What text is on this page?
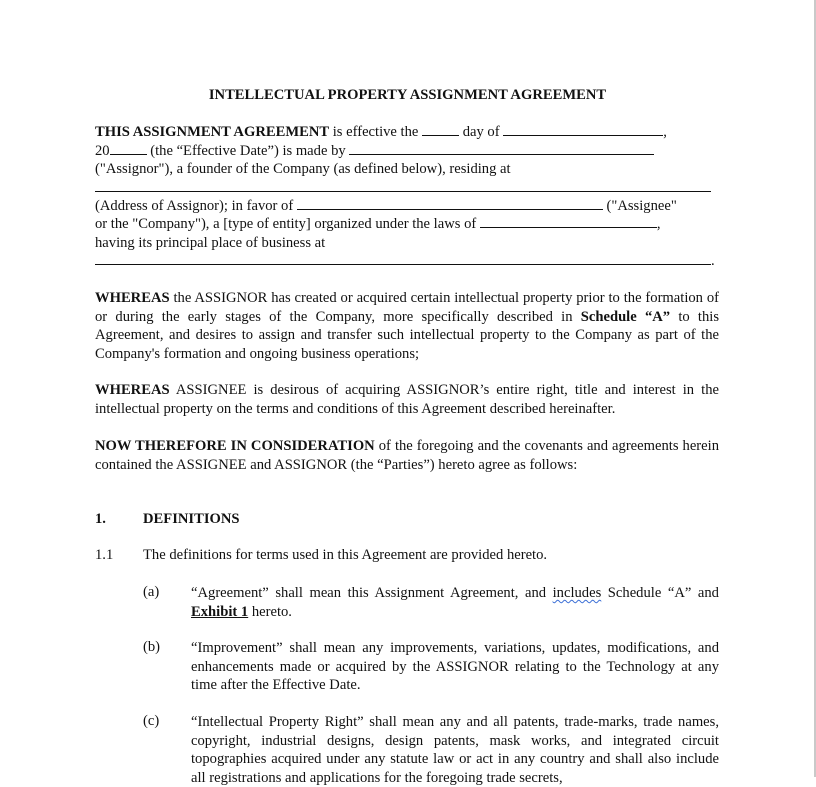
INTELLECTUAL PROPERTY ASSIGNMENT AGREEMENT
THIS ASSIGNMENT AGREEMENT is effective the	day of	,
20	(the “Effective Date”) is made by
("Assignor"), a founder of the Company (as defined below), residing at
(Address of Assignor); in favor of	("Assignee"
or the "Company"), a [type of entity] organized under the laws of	,
having its principal place of business at
.
WHEREAS the ASSIGNOR has created or acquired certain intellectual property prior to the formation of or during the early stages of the Company, more specifically described in Schedule “A” to this Agreement, and desires to assign and transfer such intellectual property to the Company as part of the Company's formation and ongoing business operations;
WHEREAS ASSIGNEE is desirous of acquiring ASSIGNOR’s entire right, title and interest in the intellectual property on the terms and conditions of this Agreement described hereinafter.
NOW THEREFORE IN CONSIDERATION of the foregoing and the covenants and agreements herein contained the ASSIGNEE and ASSIGNOR (the “Parties”) hereto agree as follows:
1.	DEFINITIONS
1.1 The definitions for terms used in this Agreement are provided hereto.
(a) “Agreement” shall mean this Assignment Agreement, and includes Schedule “A” and Exhibit 1 hereto.
(b) “Improvement” shall mean any improvements, variations, updates, modifications, and enhancements made or acquired by the ASSIGNOR relating to the Technology at any time after the Effective Date.
(c) “Intellectual Property Right” shall mean any and all patents, trade-marks, trade names, copyright, industrial designs, design patents, mask works, and integrated circuit topographies acquired under any statute law or act in any country and shall also include all registrations and applications for the foregoing trade secrets,
